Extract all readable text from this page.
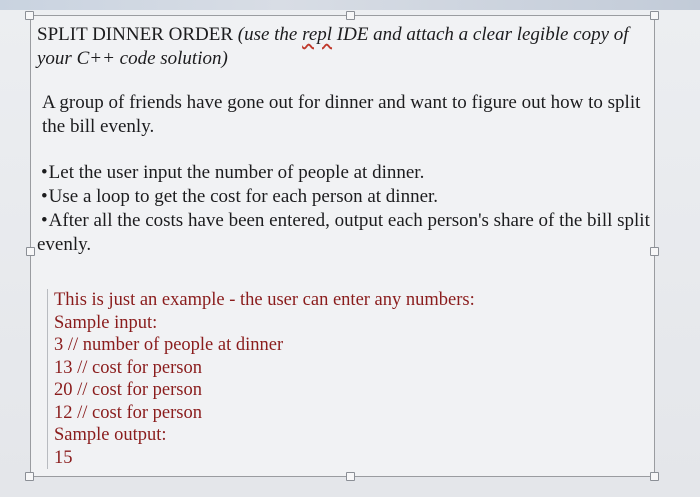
SPLIT DINNER ORDER (use the repl IDE and attach a clear legible copy of

your C++ code solution)

A group of friends have gone out for dinner and want to figure out how to split
the bill evenly.
•Let the user input the number of people at dinner.
•Use a loop to get the cost for each person at dinner.
•After all the costs have been entered, output each person's share of the bill split
evenly.
This is just an example - the user can enter any numbers:
Sample input:
3 // number of people at dinner
13 // cost for person
20 // cost for person
12 // cost for person
Sample output:
15
